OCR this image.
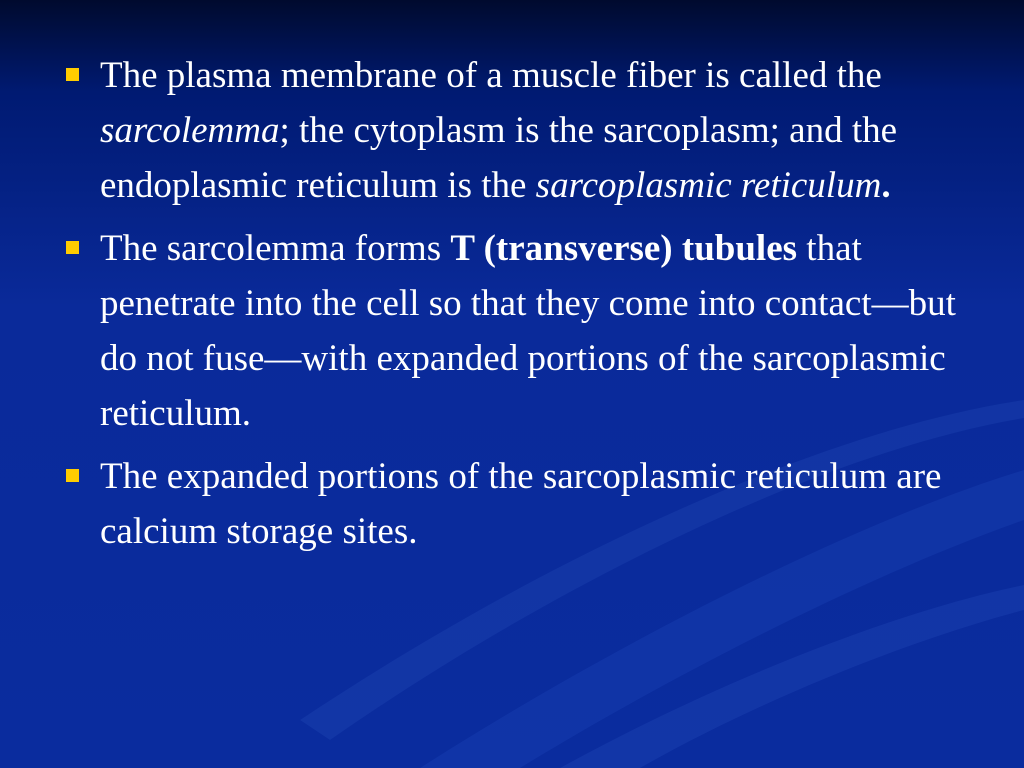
The plasma membrane of a muscle fiber is called the sarcolemma; the cytoplasm is the sarcoplasm; and the endoplasmic reticulum is the sarcoplasmic reticulum.
The sarcolemma forms T (transverse) tubules that penetrate into the cell so that they come into contact—but do not fuse—with expanded portions of the sarcoplasmic reticulum.
The expanded portions of the sarcoplasmic reticulum are calcium storage sites.
